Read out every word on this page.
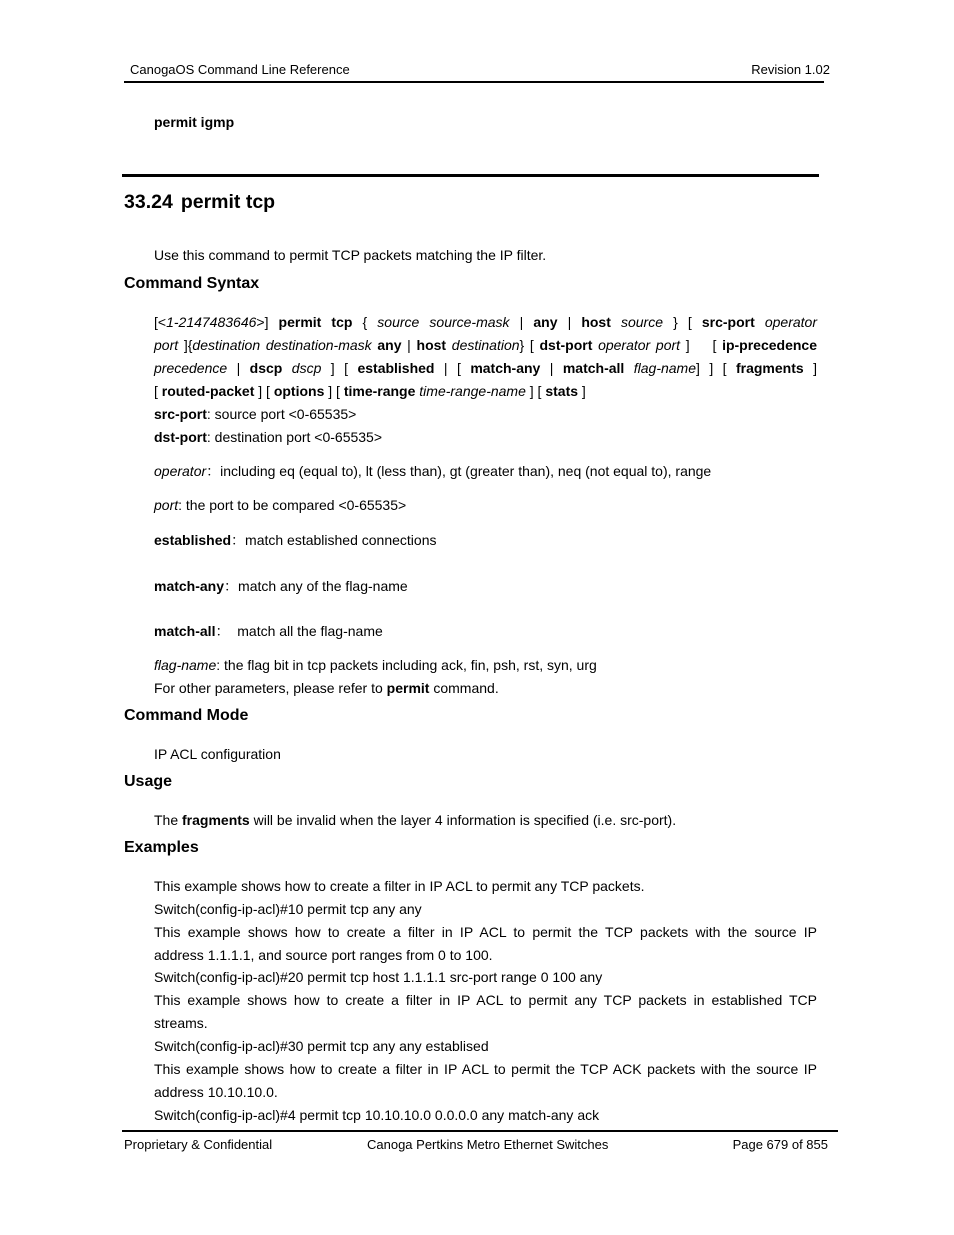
CanogaOS Command Line Reference	Revision 1.02
permit igmp
33.24 permit tcp
Use this command to permit TCP packets matching the IP filter.
Command Syntax
[<1-2147483646>] permit tcp { source source-mask | any | host source } [ src-port operator
port ]{destination destination-mask any | host destination} [ dst-port operator port ]    [ ip-precedence
precedence | dscp dscp ] [ established | [ match-any | match-all flag-name] ] [ fragments ]
[ routed-packet ] [ options ] [ time-range time-range-name ] [ stats ]
src-port: source port <0-65535>
dst-port: destination port <0-65535>
operator：including eq (equal to), lt (less than), gt (greater than), neq (not equal to), range
port: the port to be compared <0-65535>
established：match established connections
match-any：match any of the flag-name
match-all：  match all the flag-name
flag-name: the flag bit in tcp packets including ack, fin, psh, rst, syn, urg
For other parameters, please refer to permit command.
Command Mode
IP ACL configuration
Usage
The fragments will be invalid when the layer 4 information is specified (i.e. src-port).
Examples
This example shows how to create a filter in IP ACL to permit any TCP packets.
Switch(config-ip-acl)#10 permit tcp any any
This example shows how to create a filter in IP ACL to permit the TCP packets with the source IP
address 1.1.1.1, and source port ranges from 0 to 100.
Switch(config-ip-acl)#20 permit tcp host 1.1.1.1 src-port range 0 100 any
This example shows how to create a filter in IP ACL to permit any TCP packets in established TCP
streams.
Switch(config-ip-acl)#30 permit tcp any any establised
This example shows how to create a filter in IP ACL to permit the TCP ACK packets with the source IP
address 10.10.10.0.
Switch(config-ip-acl)#4 permit tcp 10.10.10.0 0.0.0.0 any match-any ack
Proprietary & Confidential	Canoga Pertkins Metro Ethernet Switches	Page 679 of 855
